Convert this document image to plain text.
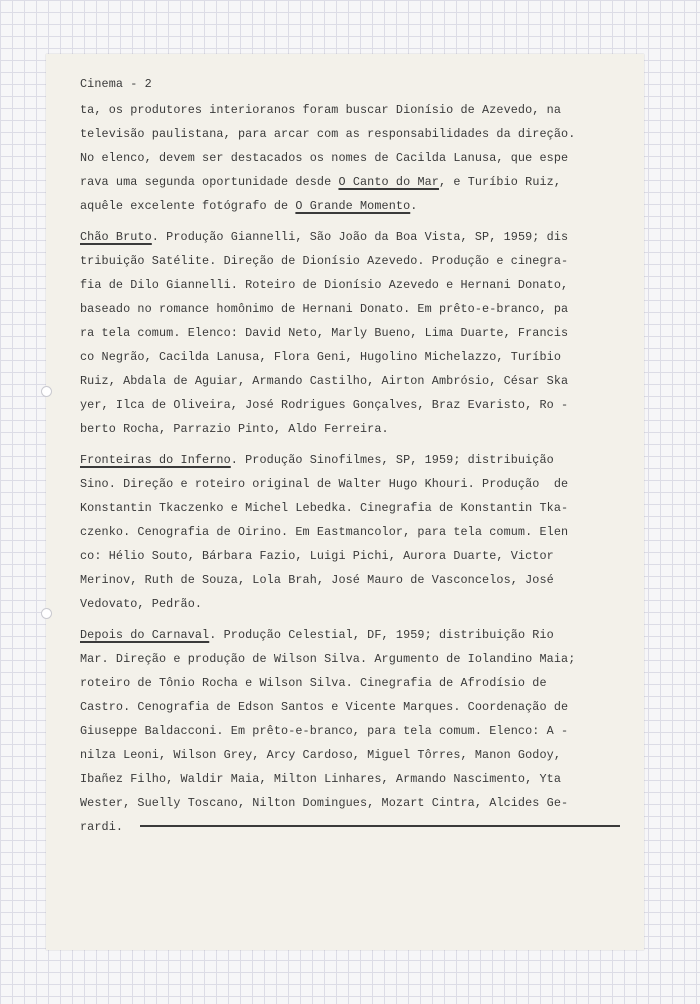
Cinema - 2
ta, os produtores interioranos foram buscar Dionísio de Azevedo, na
televisão paulistana, para arcar com as responsabilidades da direção.
No elenco, devem ser destacados os nomes de Cacilda Lanusa, que espe
rava uma segunda oportunidade desde O Canto do Mar, e Turíbio Ruiz,
aquêle excelente fotógrafo de O Grande Momento.
Chão Bruto. Produção Giannelli, São João da Boa Vista, SP, 1959; dis
tribuição Satélite. Direção de Dionísio Azevedo. Produção e cinegra-
fia de Dilo Giannelli. Roteiro de Dionísio Azevedo e Hernani Donato,
baseado no romance homônimo de Hernani Donato. Em prêto-e-branco, pa
ra tela comum. Elenco: David Neto, Marly Bueno, Lima Duarte, Francis
co Negrão, Cacilda Lanusa, Flora Geni, Hugolino Michelazzo, Turíbio
Ruiz, Abdala de Aguiar, Armando Castilho, Airton Ambrósio, César Ska
yer, Ilca de Oliveira, José Rodrigues Gonçalves, Braz Evaristo, Ro -
berto Rocha, Parrazio Pinto, Aldo Ferreira.
Fronteiras do Inferno. Produção Sinofilmes, SP, 1959; distribuição
Sino. Direção e roteiro original de Walter Hugo Khouri. Produção  de
Konstantin Tkaczenko e Michel Lebedka. Cinegrafia de Konstantin Tka-
czenko. Cenografia de Oirino. Em Eastmancolor, para tela comum. Elen
co: Hélio Souto, Bárbara Fazio, Luigi Pichi, Aurora Duarte, Victor
Merinov, Ruth de Souza, Lola Brah, José Mauro de Vasconcelos, José
Vedovato, Pedrão.
Depois do Carnaval. Produção Celestial, DF, 1959; distribuição Rio
Mar. Direção e produção de Wilson Silva. Argumento de Iolandino Maia;
roteiro de Tônio Rocha e Wilson Silva. Cinegrafia de Afrodísio de
Castro. Cenografia de Edson Santos e Vicente Marques. Coordenação de
Giuseppe Baldacconi. Em prêto-e-branco, para tela comum. Elenco: A -
nilza Leoni, Wilson Grey, Arcy Cardoso, Miguel Tôrres, Manon Godoy,
Ibañez Filho, Waldir Maia, Milton Linhares, Armando Nascimento, Yta
Wester, Suelly Toscano, Nilton Domingues, Mozart Cintra, Alcides Ge-
rardi.
